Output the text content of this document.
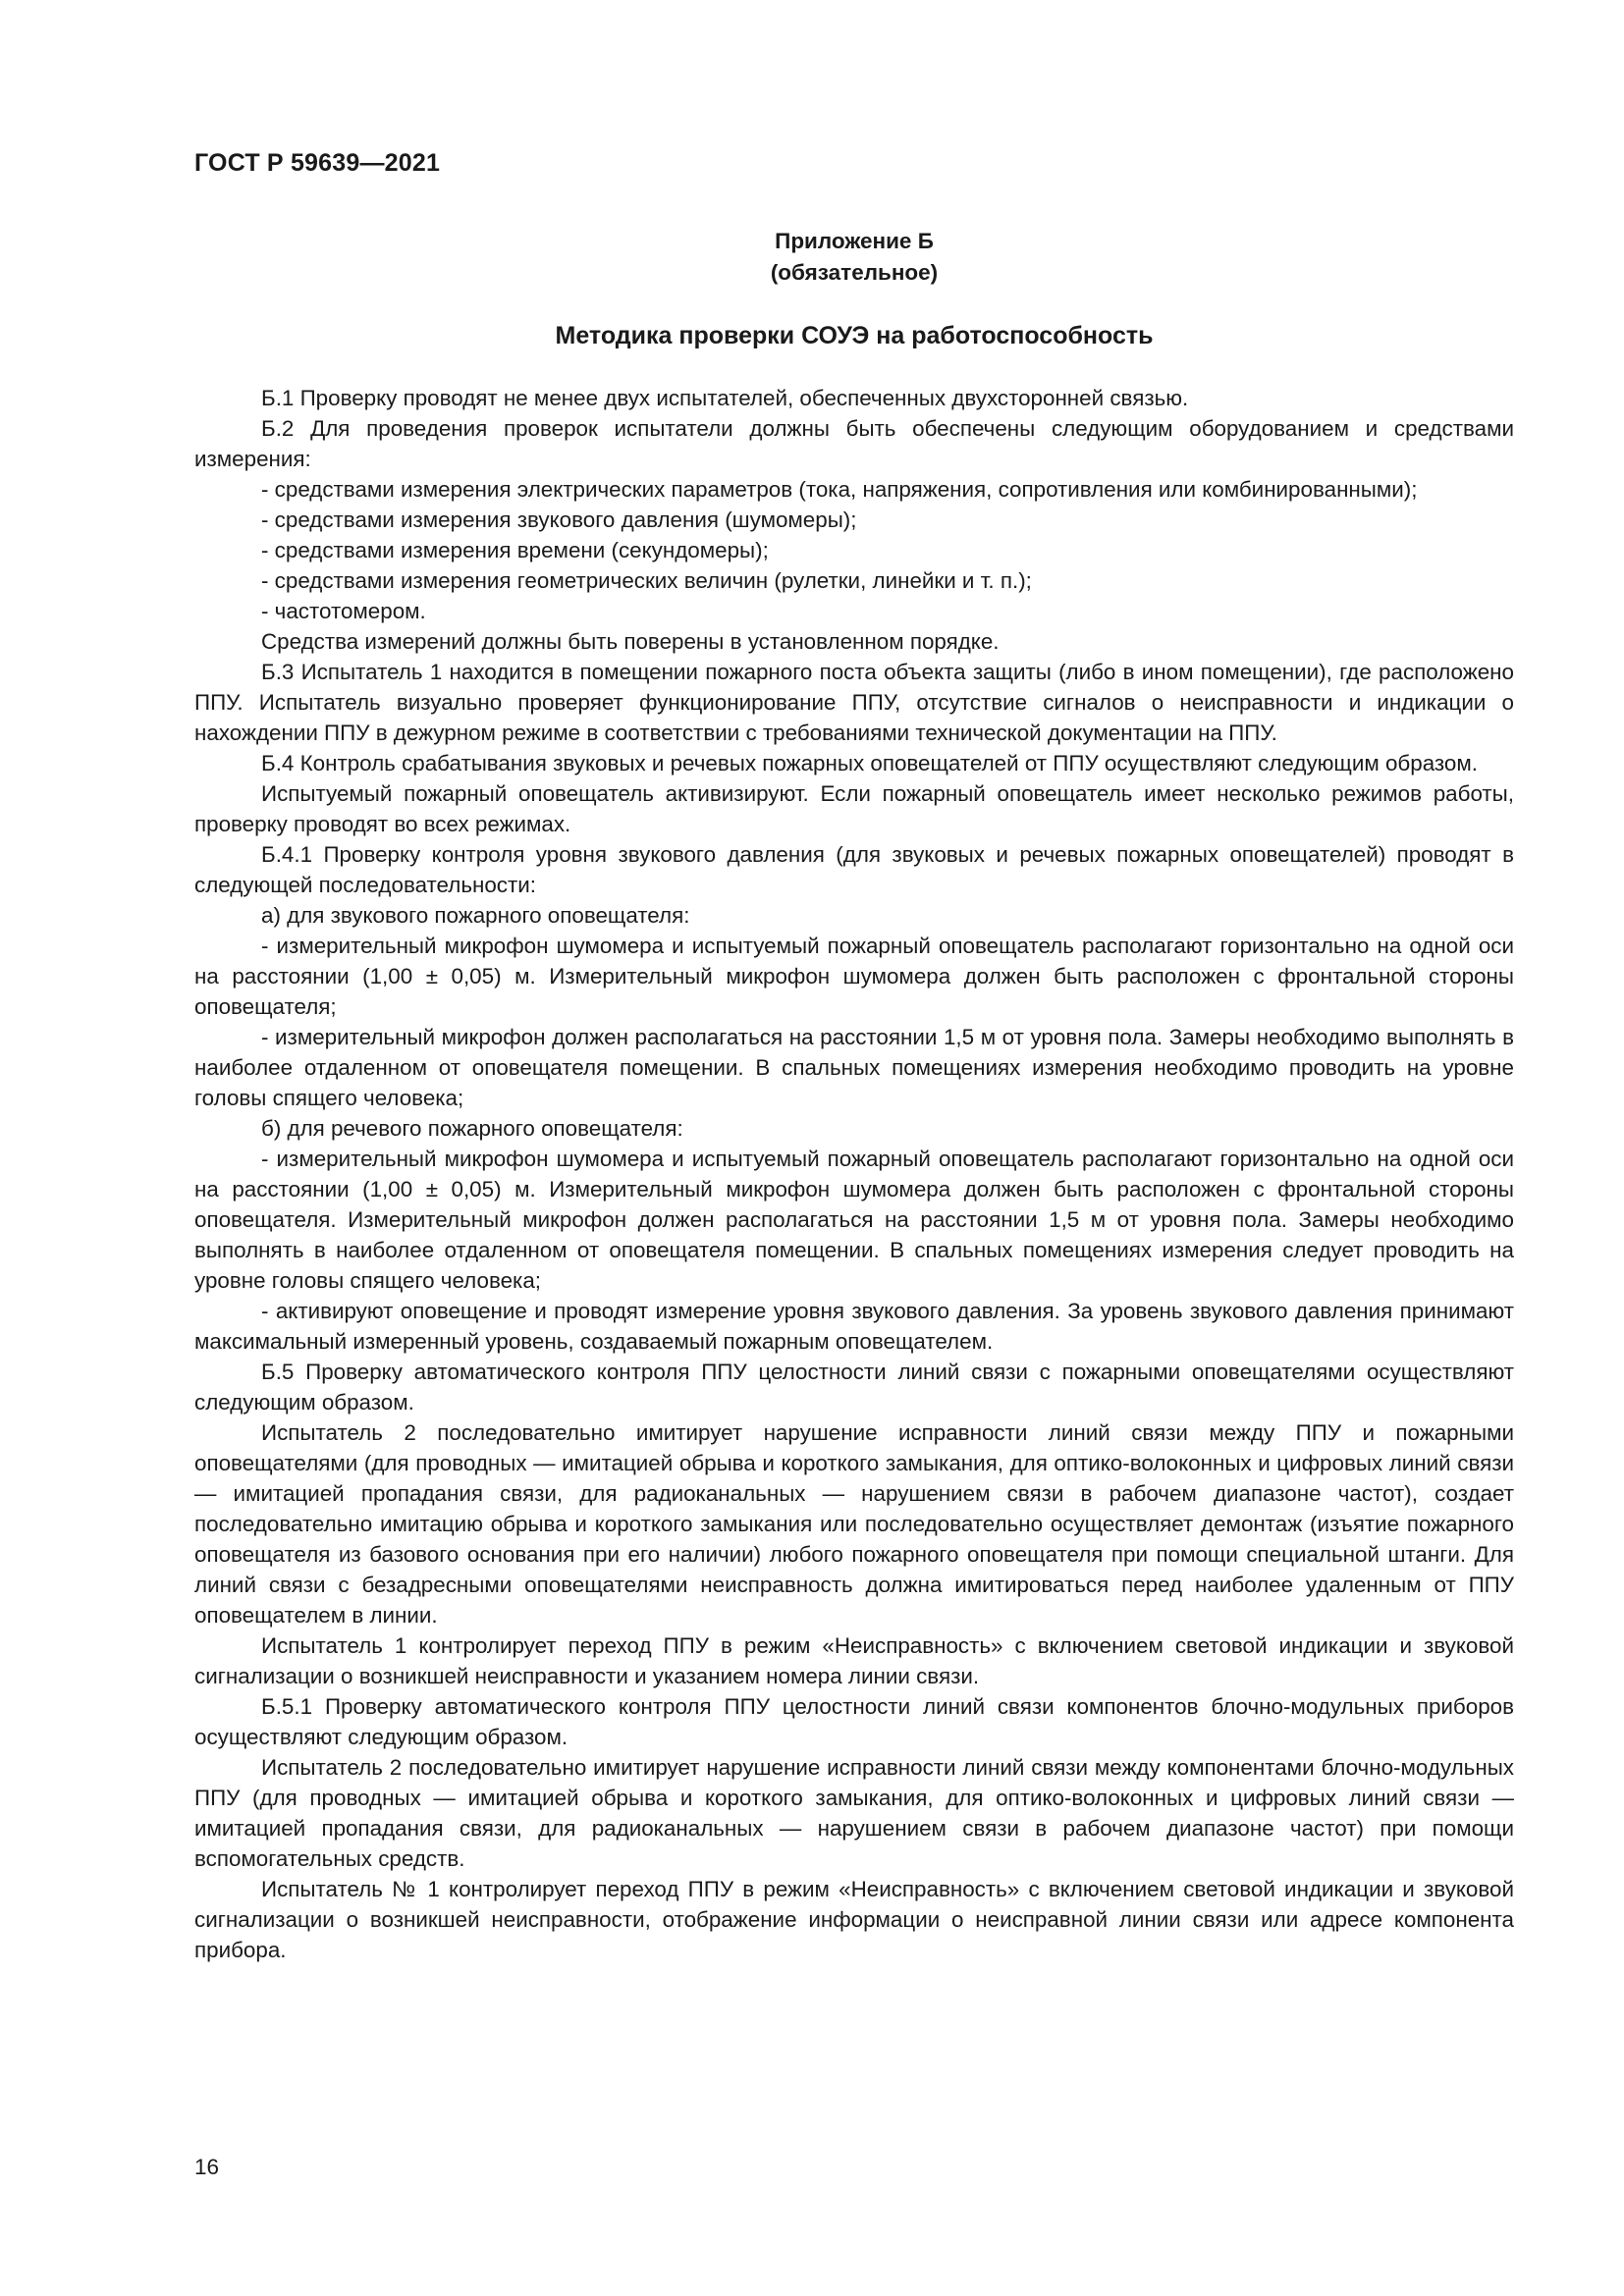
ГОСТ Р 59639—2021
Приложение Б
(обязательное)
Методика проверки СОУЭ на работоспособность

Б.1 Проверку проводят не менее двух испытателей, обеспеченных двухсторонней связью.

Б.2 Для проведения проверок испытатели должны быть обеспечены следующим оборудованием и средствами измерения:

- средствами измерения электрических параметров (тока, напряжения, сопротивления или комбинированными);

- средствами измерения звукового давления (шумомеры);

- средствами измерения времени (секундомеры);

- средствами измерения геометрических величин (рулетки, линейки и т. п.);

- частотомером.

Средства измерений должны быть поверены в установленном порядке.

Б.3 Испытатель 1 находится в помещении пожарного поста объекта защиты (либо в ином помещении), где расположено ППУ. Испытатель визуально проверяет функционирование ППУ, отсутствие сигналов о неисправности и индикации о нахождении ППУ в дежурном режиме в соответствии с требованиями технической документации на ППУ.

Б.4 Контроль срабатывания звуковых и речевых пожарных оповещателей от ППУ осуществляют следующим образом.

Испытуемый пожарный оповещатель активизируют. Если пожарный оповещатель имеет несколько режимов работы, проверку проводят во всех режимах.

Б.4.1 Проверку контроля уровня звукового давления (для звуковых и речевых пожарных оповещателей) проводят в следующей последовательности:

а) для звукового пожарного оповещателя:

- измерительный микрофон шумомера и испытуемый пожарный оповещатель располагают горизонтально на одной оси на расстоянии (1,00 ± 0,05) м. Измерительный микрофон шумомера должен быть расположен с фронтальной стороны оповещателя;

- измерительный микрофон должен располагаться на расстоянии 1,5 м от уровня пола. Замеры необходимо выполнять в наиболее отдаленном от оповещателя помещении. В спальных помещениях измерения необходимо проводить на уровне головы спящего человека;

б) для речевого пожарного оповещателя:

- измерительный микрофон шумомера и испытуемый пожарный оповещатель располагают горизонтально на одной оси на расстоянии (1,00 ± 0,05) м. Измерительный микрофон шумомера должен быть расположен с фронтальной стороны оповещателя. Измерительный микрофон должен располагаться на расстоянии 1,5 м от уровня пола. Замеры необходимо выполнять в наиболее отдаленном от оповещателя помещении. В спальных помещениях измерения следует проводить на уровне головы спящего человека;

- активируют оповещение и проводят измерение уровня звукового давления. За уровень звукового давления принимают максимальный измеренный уровень, создаваемый пожарным оповещателем.

Б.5 Проверку автоматического контроля ППУ целостности линий связи с пожарными оповещателями осуществляют следующим образом.

Испытатель 2 последовательно имитирует нарушение исправности линий связи между ППУ и пожарными оповещателями (для проводных — имитацией обрыва и короткого замыкания, для оптико-волоконных и цифровых линий связи — имитацией пропадания связи, для радиоканальных — нарушением связи в рабочем диапазоне частот), создает последовательно имитацию обрыва и короткого замыкания или последовательно осуществляет демонтаж (изъятие пожарного оповещателя из базового основания при его наличии) любого пожарного оповещателя при помощи специальной штанги. Для линий связи с безадресными оповещателями неисправность должна имитироваться перед наиболее удаленным от ППУ оповещателем в линии.

Испытатель 1 контролирует переход ППУ в режим «Неисправность» с включением световой индикации и звуковой сигнализации о возникшей неисправности и указанием номера линии связи.

Б.5.1 Проверку автоматического контроля ППУ целостности линий связи компонентов блочно-модульных приборов осуществляют следующим образом.

Испытатель 2 последовательно имитирует нарушение исправности линий связи между компонентами блочно-модульных ППУ (для проводных — имитацией обрыва и короткого замыкания, для оптико-волоконных и цифровых линий связи — имитацией пропадания связи, для радиоканальных — нарушением связи в рабочем диапазоне частот) при помощи вспомогательных средств.

Испытатель № 1 контролирует переход ППУ в режим «Неисправность» с включением световой индикации и звуковой сигнализации о возникшей неисправности, отображение информации о неисправной линии связи или адресе компонента прибора.

16
